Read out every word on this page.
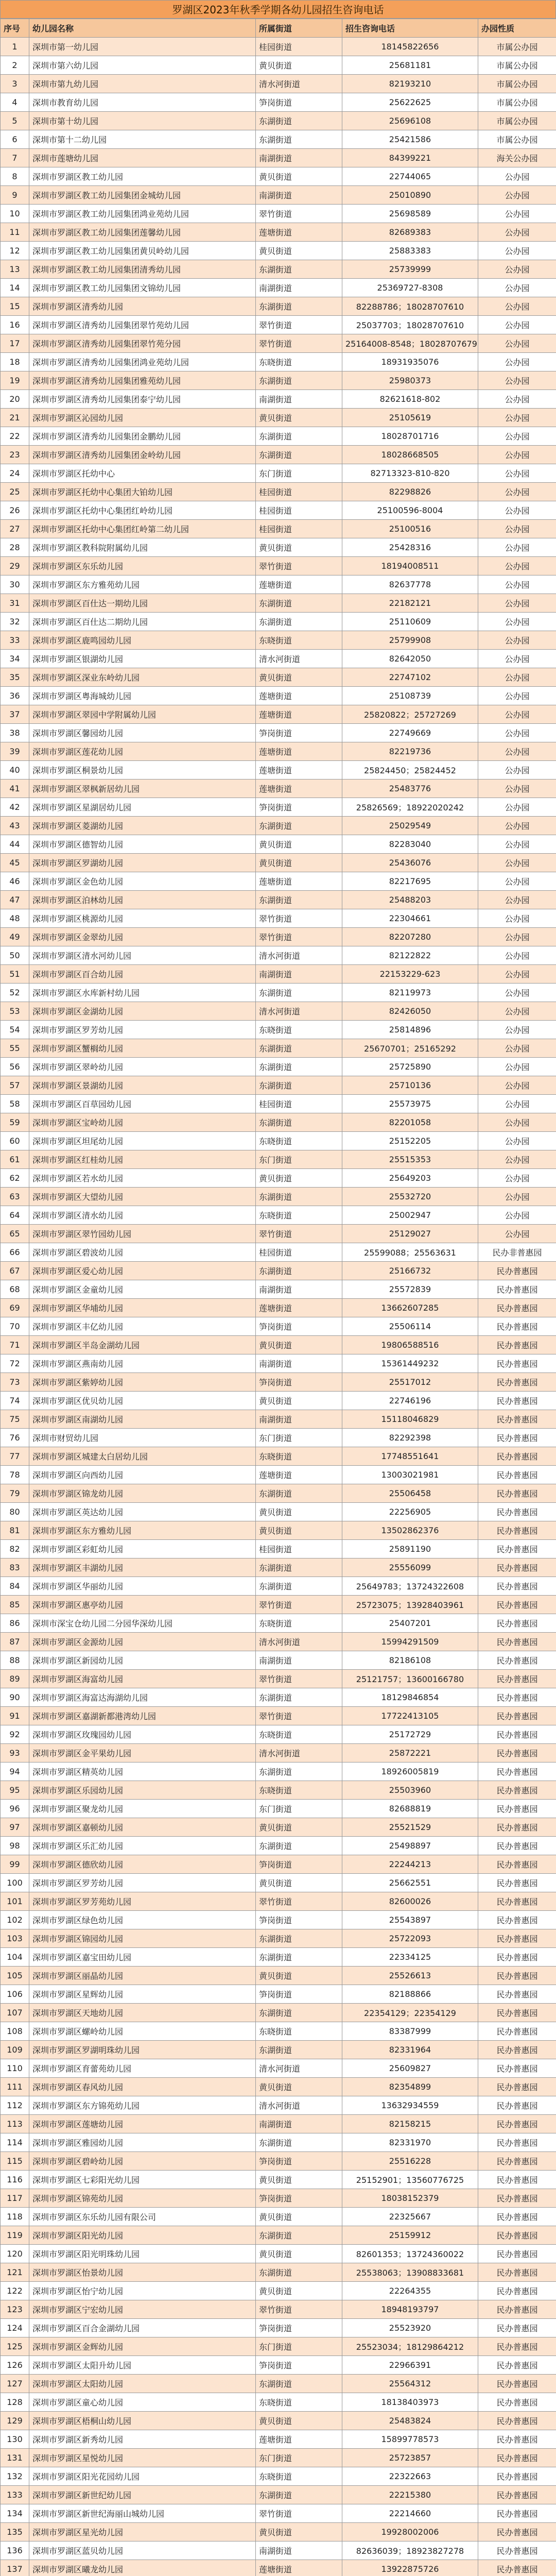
罗湖区2023年秋季学期各幼儿园招生咨询电话
序号	幼儿园名称	所属街道	招生咨询电话	办园性质
1	深圳市第一幼儿园	桂园街道	18145822656	市属公办园
2	深圳市第六幼儿园	黄贝街道	25681181	市属公办园
3	深圳市第九幼儿园	清水河街道	82193210	市属公办园
4	深圳市教育幼儿园	笋岗街道	25622625	市属公办园
5	深圳市第十幼儿园	东湖街道	25696108	市属公办园
6	深圳市第十二幼儿园	东湖街道	25421586	市属公办园
7	深圳市莲塘幼儿园	南湖街道	84399221	海关公办园
8	深圳市罗湖区教工幼儿园	黄贝街道	22744065	公办园
9	深圳市罗湖区教工幼儿园集团金城幼儿园	南湖街道	25010890	公办园
10	深圳市罗湖区教工幼儿园集团鸿业苑幼儿园	翠竹街道	25698589	公办园
11	深圳市罗湖区教工幼儿园集团莲馨幼儿园	莲塘街道	82689383	公办园
12	深圳市罗湖区教工幼儿园集团黄贝岭幼儿园	黄贝街道	25883383	公办园
13	深圳市罗湖区教工幼儿园集团清秀幼儿园	东湖街道	25739999	公办园
14	深圳市罗湖区教工幼儿园集团文锦幼儿园	南湖街道	25369727-8308	公办园
15	深圳市罗湖区清秀幼儿园	东湖街道	82288786；18028707610	公办园
16	深圳市罗湖区清秀幼儿园集团翠竹苑幼儿园	翠竹街道	25037703；18028707610	公办园
17	深圳市罗湖区清秀幼儿园集团翠竹苑分园	翠竹街道	25164008-8548；18028707679	公办园
18	深圳市罗湖区清秀幼儿园集团鸿业苑幼儿园	东晓街道	18931935076	公办园
19	深圳市罗湖区清秀幼儿园集团雅苑幼儿园	东湖街道	25980373	公办园
20	深圳市罗湖区清秀幼儿园集团泰宁幼儿园	南湖街道	82621618-802	公办园
21	深圳市罗湖区沁园幼儿园	黄贝街道	25105619	公办园
22	深圳市罗湖区清秀幼儿园集团金鹏幼儿园	东湖街道	18028701716	公办园
23	深圳市罗湖区清秀幼儿园集团金岭幼儿园	东湖街道	18028668505	公办园
24	深圳市罗湖区托幼中心	东门街道	82713323-810-820	公办园
25	深圳市罗湖区托幼中心集团大铂幼儿园	桂园街道	82298826	公办园
26	深圳市罗湖区托幼中心集团红岭幼儿园	桂园街道	25100596-8004	公办园
27	深圳市罗湖区托幼中心集团红岭第二幼儿园	桂园街道	25100516	公办园
28	深圳市罗湖区教科院附属幼儿园	黄贝街道	25428316	公办园
29	深圳市罗湖区东乐幼儿园	翠竹街道	18194008511	公办园
30	深圳市罗湖区东方雅苑幼儿园	莲塘街道	82637778	公办园
31	深圳市罗湖区百仕达一期幼儿园	东湖街道	22182121	公办园
32	深圳市罗湖区百仕达二期幼儿园	东湖街道	25110609	公办园
33	深圳市罗湖区鹿鸣园幼儿园	东晓街道	25799908	公办园
34	深圳市罗湖区银湖幼儿园	清水河街道	82642050	公办园
35	深圳市罗湖区深业东岭幼儿园	黄贝街道	22747102	公办园
36	深圳市罗湖区粤海城幼儿园	莲塘街道	25108739	公办园
37	深圳市罗湖区翠园中学附属幼儿园	莲塘街道	25820822；25727269	公办园
38	深圳市罗湖区馨园幼儿园	笋岗街道	22749669	公办园
39	深圳市罗湖区莲花幼儿园	莲塘街道	82219736	公办园
40	深圳市罗湖区桐景幼儿园	莲塘街道	25824450；25824452	公办园
41	深圳市罗湖区翠枫新居幼儿园	莲塘街道	25483776	公办园
42	深圳市罗湖区星湖居幼儿园	笋岗街道	25826569；18922020242	公办园
43	深圳市罗湖区菱湖幼儿园	东湖街道	25029549	公办园
44	深圳市罗湖区德智幼儿园	黄贝街道	82283040	公办园
45	深圳市罗湖区罗湖幼儿园	黄贝街道	25436076	公办园
46	深圳市罗湖区金色幼儿园	莲塘街道	82217695	公办园
47	深圳市罗湖区泊林幼儿园	东湖街道	25488203	公办园
48	深圳市罗湖区桃源幼儿园	翠竹街道	22304661	公办园
49	深圳市罗湖区金翠幼儿园	翠竹街道	82207280	公办园
50	深圳市罗湖区清水河幼儿园	清水河街道	82122822	公办园
51	深圳市罗湖区百合幼儿园	南湖街道	22153229-623	公办园
52	深圳市罗湖区水库新村幼儿园	东湖街道	82119973	公办园
53	深圳市罗湖区金湖幼儿园	清水河街道	82426050	公办园
54	深圳市罗湖区罗芳幼儿园	东晓街道	25814896	公办园
55	深圳市罗湖区蟹榈幼儿园	东湖街道	25670701；25165292	公办园
56	深圳市罗湖区翠岭幼儿园	东湖街道	25725890	公办园
57	深圳市罗湖区景湖幼儿园	东湖街道	25710136	公办园
58	深圳市罗湖区百草园幼儿园	桂园街道	25573975	公办园
59	深圳市罗湖区宝岭幼儿园	东湖街道	82201058	公办园
60	深圳市罗湖区坦尾幼儿园	东晓街道	25152205	公办园
61	深圳市罗湖区红桂幼儿园	东门街道	25515353	公办园
62	深圳市罗湖区若水幼儿园	黄贝街道	25649203	公办园
63	深圳市罗湖区大望幼儿园	东湖街道	25532720	公办园
64	深圳市罗湖区清水幼儿园	东晓街道	25002947	公办园
65	深圳市罗湖区翠竹园幼儿园	翠竹街道	25129027	公办园
66	深圳市罗湖区碧波幼儿园	桂园街道	25599088；25563631	民办非普惠园
67	深圳市罗湖区爱心幼儿园	东湖街道	25166732	民办普惠园
68	深圳市罗湖区金童幼儿园	南湖街道	25572839	民办普惠园
69	深圳市罗湖区华埔幼儿园	莲塘街道	13662607285	民办普惠园
70	深圳市罗湖区丰亿幼儿园	笋岗街道	25506114	民办普惠园
71	深圳市罗湖区半岛金湖幼儿园	黄贝街道	19806588516	民办普惠园
72	深圳市罗湖区燕南幼儿园	南湖街道	15361449232	民办普惠园
73	深圳市罗湖区紫婷幼儿园	笋岗街道	25517012	民办普惠园
74	深圳市罗湖区优贝幼儿园	黄贝街道	22746196	民办普惠园
75	深圳市罗湖区南湖幼儿园	南湖街道	15118046829	民办普惠园
76	深圳市财贸幼儿园	东门街道	82292398	民办普惠园
77	深圳市罗湖区城建太白居幼儿园	东晓街道	17748551641	民办普惠园
78	深圳市罗湖区向西幼儿园	莲塘街道	13003021981	民办普惠园
79	深圳市罗湖区锦龙幼儿园	东湖街道	25506458	民办普惠园
80	深圳市罗湖区英达幼儿园	黄贝街道	22256905	民办普惠园
81	深圳市罗湖区东方雅幼儿园	黄贝街道	13502862376	民办普惠园
82	深圳市罗湖区彩虹幼儿园	桂园街道	25891190	民办普惠园
83	深圳市罗湖区丰湖幼儿园	东湖街道	25556099	民办普惠园
84	深圳市罗湖区华丽幼儿园	东湖街道	25649783；13724322608	民办普惠园
85	深圳市罗湖区惠亭幼儿园	翠竹街道	25723075；13928403961	民办普惠园
86	深圳市深宝仓幼儿园二分园华深幼儿园	东晓街道	25407201	民办普惠园
87	深圳市罗湖区金源幼儿园	清水河街道	15994291509	民办普惠园
88	深圳市罗湖区新园幼儿园	南湖街道	82186108	民办普惠园
89	深圳市罗湖区海富幼儿园	翠竹街道	25121757；13600166780	民办普惠园
90	深圳市罗湖区海富达海湖幼儿园	东湖街道	18129846854	民办普惠园
91	深圳市罗湖区嘉湖新都港湾幼儿园	翠竹街道	17722413105	民办普惠园
92	深圳市罗湖区玫瑰园幼儿园	东晓街道	25172729	民办普惠园
93	深圳市罗湖区金平果幼儿园	清水河街道	25872221	民办普惠园
94	深圳市罗湖区精英幼儿园	东湖街道	18926005819	民办普惠园
95	深圳市罗湖区乐园幼儿园	东晓街道	25503960	民办普惠园
96	深圳市罗湖区聚龙幼儿园	东门街道	82688819	民办普惠园
97	深圳市罗湖区嘉顿幼儿园	黄贝街道	25521529	民办普惠园
98	深圳市罗湖区乐汇幼儿园	东湖街道	25498897	民办普惠园
99	深圳市罗湖区德欣幼儿园	笋岗街道	22244213	民办普惠园
100	深圳市罗湖区罗芳幼儿园	黄贝街道	25662551	民办普惠园
101	深圳市罗湖区罗芳苑幼儿园	翠竹街道	82600026	民办普惠园
102	深圳市罗湖区绿色幼儿园	笋岗街道	25543897	民办普惠园
103	深圳市罗湖区锦园幼儿园	东湖街道	25722093	民办普惠园
104	深圳市罗湖区嘉宝田幼儿园	东湖街道	22334125	民办普惠园
105	深圳市罗湖区丽晶幼儿园	黄贝街道	25526613	民办普惠园
106	深圳市罗湖区星辉幼儿园	笋岗街道	82188866	民办普惠园
107	深圳市罗湖区天地幼儿园	东湖街道	22354129；22354129	民办普惠园
108	深圳市罗湖区螺岭幼儿园	东晓街道	83387999	民办普惠园
109	深圳市罗湖区罗湖明珠幼儿园	东湖街道	82331964	民办普惠园
110	深圳市罗湖区育蕾苑幼儿园	清水河街道	25609827	民办普惠园
111	深圳市罗湖区春风幼儿园	黄贝街道	82354899	民办普惠园
112	深圳市罗湖区东方锦苑幼儿园	清水河街道	13632934559	民办普惠园
113	深圳市罗湖区莲塘幼儿园	南湖街道	82158215	民办普惠园
114	深圳市罗湖区雅园幼儿园	东湖街道	82331970	民办普惠园
115	深圳市罗湖区碧岭幼儿园	笋岗街道	25516228	民办普惠园
116	深圳市罗湖区七彩阳光幼儿园	黄贝街道	25152901；13560776725	民办普惠园
117	深圳市罗湖区锦苑幼儿园	笋岗街道	18038152379	民办普惠园
118	深圳市罗湖区东乐幼儿园有限公司	黄贝街道	22325667	民办普惠园
119	深圳市罗湖区阳光幼儿园	东湖街道	25159912	民办普惠园
120	深圳市罗湖区阳光明珠幼儿园	黄贝街道	82601353；13724360022	民办普惠园
121	深圳市罗湖区怡景幼儿园	东湖街道	25538063；13908833681	民办普惠园
122	深圳市罗湖区怡宁幼儿园	黄贝街道	22264355	民办普惠园
123	深圳市罗湖区宁宏幼儿园	翠竹街道	18948193797	民办普惠园
124	深圳市罗湖区百合金湖幼儿园	笋岗街道	25523920	民办普惠园
125	深圳市罗湖区金辉幼儿园	东门街道	25523034；18129864212	民办普惠园
126	深圳市罗湖区太阳升幼儿园	笋岗街道	22966391	民办普惠园
127	深圳市罗湖区太阳幼儿园	东湖街道	25564312	民办普惠园
128	深圳市罗湖区童心幼儿园	东晓街道	18138403973	民办普惠园
129	深圳市罗湖区梧桐山幼儿园	黄贝街道	25483824	民办普惠园
130	深圳市罗湖区新秀幼儿园	莲塘街道	15899778573	民办普惠园
131	深圳市罗湖区星悦幼儿园	东门街道	25723857	民办普惠园
132	深圳市罗湖区阳光花园幼儿园	东晓街道	22322663	民办普惠园
133	深圳市罗湖区新世纪幼儿园	东湖街道	22215380	民办普惠园
134	深圳市罗湖区新世纪海丽山城幼儿园	翠竹街道	22214660	民办普惠园
135	深圳市罗湖区星光幼儿园	黄贝街道	19928002006	民办普惠园
136	深圳市罗湖区蓝贝幼儿园	南湖街道	82636039；18923827278	民办普惠园
137	深圳市罗湖区曦龙幼儿园	莲塘街道	13922875726	民办普惠园
